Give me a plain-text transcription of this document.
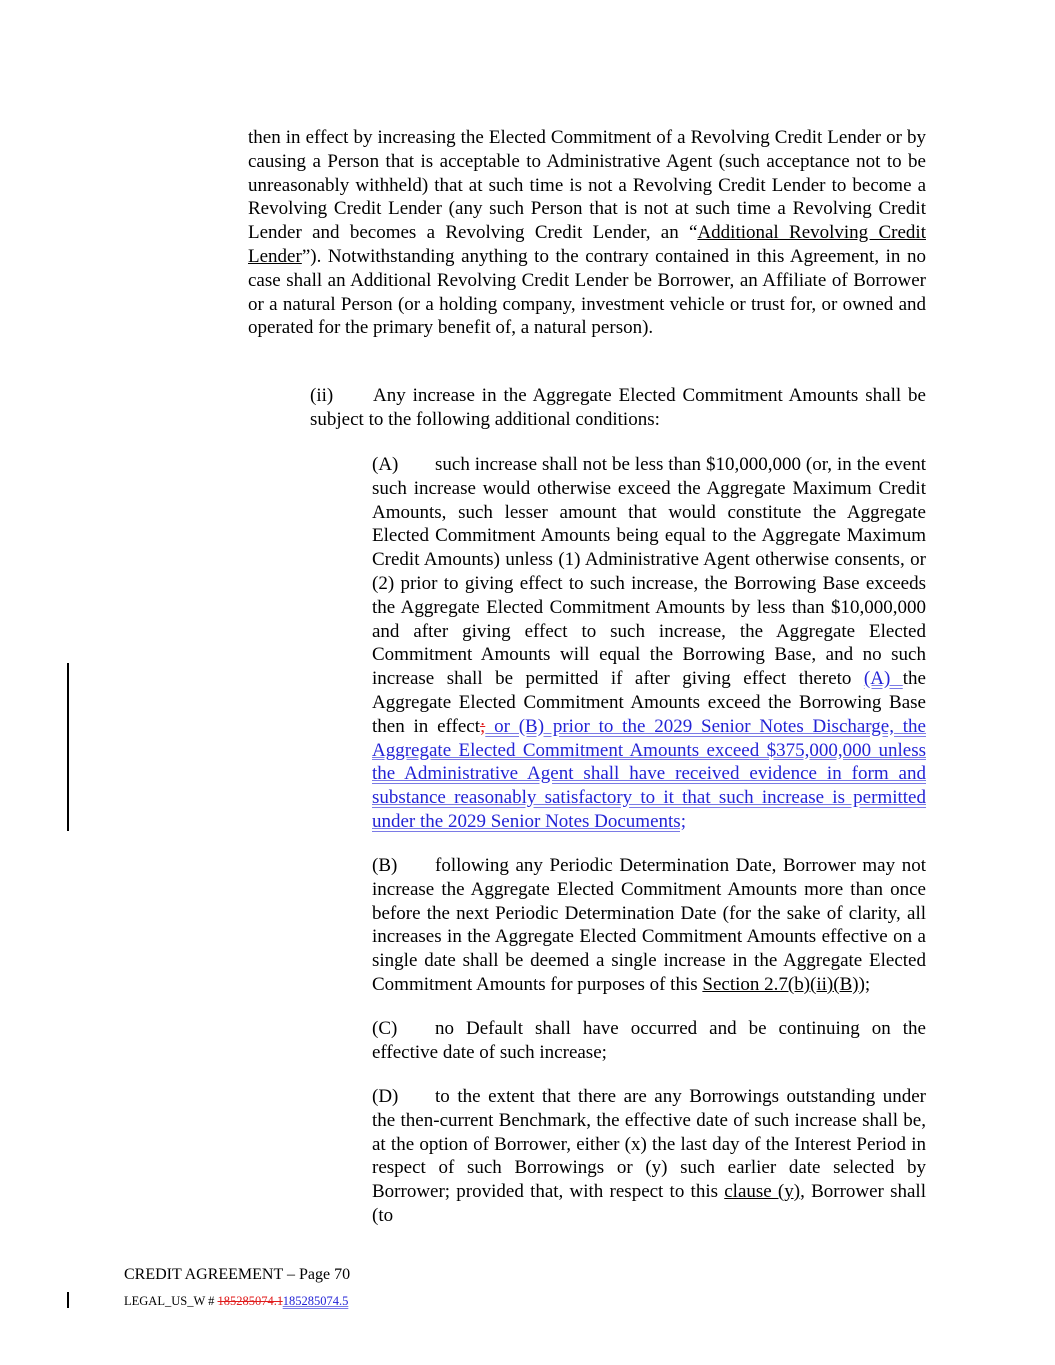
then in effect by increasing the Elected Commitment of a Revolving Credit Lender or by causing a Person that is acceptable to Administrative Agent (such acceptance not to be unreasonably withheld) that at such time is not a Revolving Credit Lender to become a Revolving Credit Lender (any such Person that is not at such time a Revolving Credit Lender and becomes a Revolving Credit Lender, an “Additional Revolving Credit Lender”). Notwithstanding anything to the contrary contained in this Agreement, in no case shall an Additional Revolving Credit Lender be Borrower, an Affiliate of Borrower or a natural Person (or a holding company, investment vehicle or trust for, or owned and operated for the primary benefit of, a natural person).
(ii) Any increase in the Aggregate Elected Commitment Amounts shall be subject to the following additional conditions:
(A) such increase shall not be less than $10,000,000 (or, in the event such increase would otherwise exceed the Aggregate Maximum Credit Amounts, such lesser amount that would constitute the Aggregate Elected Commitment Amounts being equal to the Aggregate Maximum Credit Amounts) unless (1) Administrative Agent otherwise consents, or (2) prior to giving effect to such increase, the Borrowing Base exceeds the Aggregate Elected Commitment Amounts by less than $10,000,000 and after giving effect to such increase, the Aggregate Elected Commitment Amounts will equal the Borrowing Base, and no such increase shall be permitted if after giving effect thereto (A) the Aggregate Elected Commitment Amounts exceed the Borrowing Base then in effect; or (B) prior to the 2029 Senior Notes Discharge, the Aggregate Elected Commitment Amounts exceed $375,000,000 unless the Administrative Agent shall have received evidence in form and substance reasonably satisfactory to it that such increase is permitted under the 2029 Senior Notes Documents;
(B) following any Periodic Determination Date, Borrower may not increase the Aggregate Elected Commitment Amounts more than once before the next Periodic Determination Date (for the sake of clarity, all increases in the Aggregate Elected Commitment Amounts effective on a single date shall be deemed a single increase in the Aggregate Elected Commitment Amounts for purposes of this Section 2.7(b)(ii)(B));
(C) no Default shall have occurred and be continuing on the effective date of such increase;
(D) to the extent that there are any Borrowings outstanding under the then-current Benchmark, the effective date of such increase shall be, at the option of Borrower, either (x) the last day of the Interest Period in respect of such Borrowings or (y) such earlier date selected by Borrower; provided that, with respect to this clause (y), Borrower shall (to
CREDIT AGREEMENT – Page 70
LEGAL_US_W # 185285074.1185285074.5
